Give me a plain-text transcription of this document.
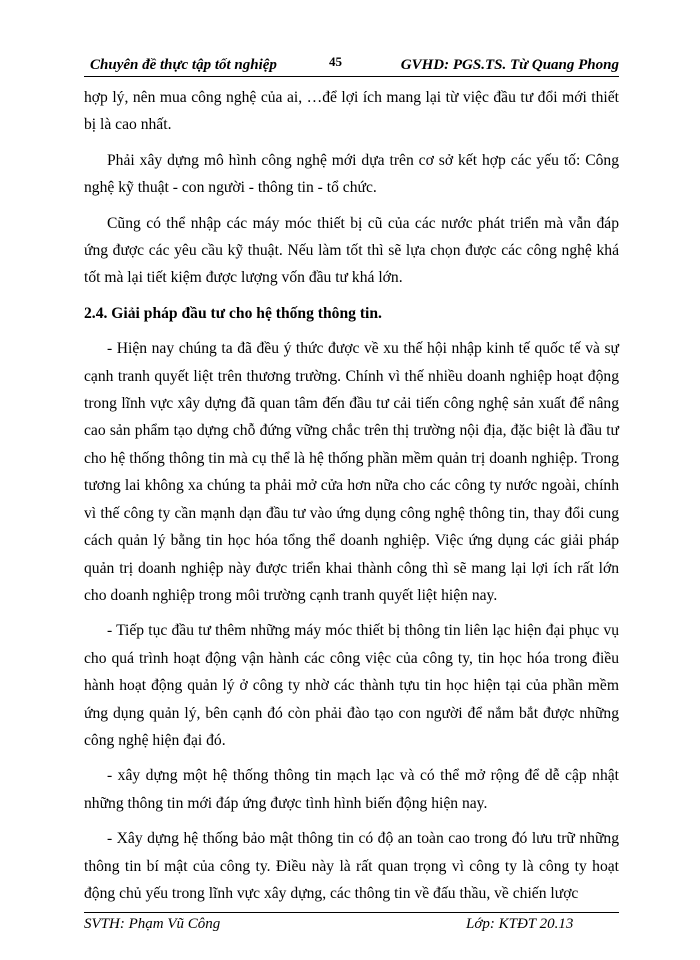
Chuyên đề thực tập tốt nghiệp	45	GVHD: PGS.TS. Từ Quang Phong

hợp lý, nên mua công nghệ của ai, …để lợi ích mang lại từ việc đầu tư đổi mới thiết bị là cao nhất.

Phải xây dựng mô hình công nghệ mới dựa trên cơ sở kết hợp các yếu tố: Công nghệ kỹ thuật - con người - thông tin - tổ chức.

Cũng có thể nhập các máy móc thiết bị cũ của các nước phát triển mà vẫn đáp ứng được các yêu cầu kỹ thuật. Nếu làm tốt thì sẽ lựa chọn được các công nghệ khá tốt mà lại tiết kiệm được lượng vốn đầu tư khá lớn.

2.4. Giải pháp đầu tư cho hệ thống thông tin.

- Hiện nay chúng ta đã đều ý thức được về xu thế hội nhập kinh tế quốc tế và sự cạnh tranh quyết liệt trên thương trường. Chính vì thế nhiều doanh nghiệp hoạt động trong lĩnh vực xây dựng đã quan tâm đến đầu tư cải tiến công nghệ sản xuất để nâng cao sản phẩm tạo dựng chỗ đứng vững chắc trên thị trường nội địa, đặc biệt là đầu tư cho hệ thống thông tin mà cụ thể là hệ thống phần mềm quản trị doanh nghiệp. Trong tương lai không xa chúng ta phải mở cửa hơn nữa cho các công ty nước ngoài, chính vì thế công ty cần mạnh dạn đầu tư vào ứng dụng công nghệ thông tin, thay đổi cung cách quản lý bằng tin học hóa tổng thể doanh nghiệp. Việc ứng dụng các giải pháp quản trị doanh nghiệp này được triển khai thành công thì sẽ mang lại lợi ích rất lớn cho doanh nghiệp trong môi trường cạnh tranh quyết liệt hiện nay.

- Tiếp tục đầu tư thêm những máy móc thiết bị thông tin liên lạc hiện đại phục vụ cho quá trình hoạt động vận hành các công việc của công ty, tin học hóa trong điều hành hoạt động quản lý ở công ty nhờ các thành tựu tin học hiện tại của phần mềm ứng dụng quản lý, bên cạnh đó còn phải đào tạo con người để nắm bắt được những công nghệ hiện đại đó.

- xây dựng một hệ thống thông tin mạch lạc và có thể mở rộng để dễ cập nhật những thông tin mới đáp ứng được tình hình biến động hiện nay.

- Xây dựng hệ thống bảo mật thông tin có độ an toàn cao trong đó lưu trữ những thông tin bí mật của công ty. Điều này là rất quan trọng vì công ty là công ty hoạt động chủ yếu trong lĩnh vực xây dựng, các thông tin về đấu thầu, về chiến lược

SVTH: Phạm Vũ Công	Lớp: KTĐT 20.13
